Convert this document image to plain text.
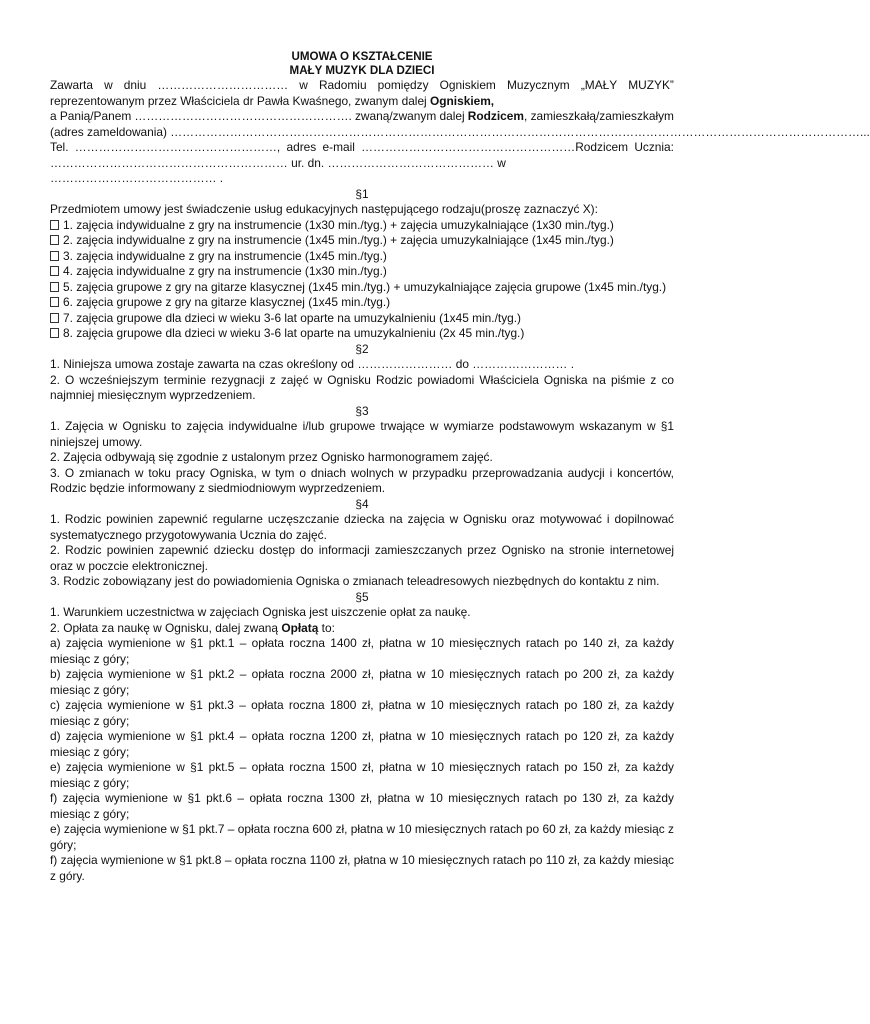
UMOWA O KSZTAŁCENIE
MAŁY MUZYK DLA DZIECI
Zawarta w dniu …………………………… w Radomiu pomiędzy Ogniskiem Muzycznym „MAŁY MUZYK”
reprezentowanym przez Właściciela dr Pawła Kwaśnego, zwanym dalej Ogniskiem,
a Panią/Panem ………………………………………………. zwaną/zwanym dalej Rodzicem, zamieszkałą/zamieszkałym
(adres zameldowania) …………………………………………………………………………………………………………………………………………………………...
Tel. ……………………………………………, adres e-mail ………………………………………………Rodzicem Ucznia:
…………………………………………………… ur. dn. …………………………………… w …………………………………… .
§1
Przedmiotem umowy jest świadczenie usług edukacyjnych następującego rodzaju(proszę zaznaczyć X):
1. zajęcia indywidualne z gry na instrumencie (1x30 min./tyg.) + zajęcia umuzykalniające (1x30 min./tyg.)
2. zajęcia indywidualne z gry na instrumencie (1x45 min./tyg.) + zajęcia umuzykalniające (1x45 min./tyg.)
3. zajęcia indywidualne z gry na instrumencie (1x45 min./tyg.)
4. zajęcia indywidualne z gry na instrumencie (1x30 min./tyg.)
5. zajęcia grupowe z gry na gitarze klasycznej (1x45 min./tyg.) + umuzykalniające zajęcia grupowe (1x45 min./tyg.)
6. zajęcia grupowe z gry na gitarze klasycznej (1x45 min./tyg.)
7. zajęcia grupowe dla dzieci w wieku 3-6 lat oparte na umuzykalnieniu (1x45 min./tyg.)
8. zajęcia grupowe dla dzieci w wieku 3-6 lat oparte na umuzykalnieniu (2x 45 min./tyg.)
§2
1. Niniejsza umowa zostaje zawarta na czas określony od …………………… do …………………… .
2. O wcześniejszym terminie rezygnacji z zajęć w Ognisku Rodzic powiadomi Właściciela Ogniska na piśmie z co najmniej miesięcznym wyprzedzeniem.
§3
1. Zajęcia w Ognisku to zajęcia indywidualne i/lub grupowe trwające w wymiarze podstawowym wskazanym w §1 niniejszej umowy.
2. Zajęcia odbywają się zgodnie z ustalonym przez Ognisko harmonogramem zajęć.
3. O zmianach w toku pracy Ogniska, w tym o dniach wolnych w przypadku przeprowadzania audycji i koncertów, Rodzic będzie informowany z siedmiodniowym wyprzedzeniem.
§4
1. Rodzic powinien zapewnić regularne uczęszczanie dziecka na zajęcia w Ognisku oraz motywować i dopilnować systematycznego przygotowywania Ucznia do zajęć.
2. Rodzic powinien zapewnić dziecku dostęp do informacji zamieszczanych przez Ognisko na stronie internetowej oraz w poczcie elektronicznej.
3. Rodzic zobowiązany jest do powiadomienia Ogniska o zmianach teleadresowych niezbędnych do kontaktu z nim.
§5
1. Warunkiem uczestnictwa w zajęciach Ogniska jest uiszczenie opłat za naukę.
2. Opłata za naukę w Ognisku, dalej zwaną Opłatą to:
a) zajęcia wymienione w §1 pkt.1 – opłata roczna 1400 zł, płatna w 10 miesięcznych ratach po 140 zł, za każdy miesiąc z góry;
b) zajęcia wymienione w §1 pkt.2 – opłata roczna 2000 zł, płatna w 10 miesięcznych ratach po 200 zł, za każdy miesiąc z góry;
c) zajęcia wymienione w §1 pkt.3 – opłata roczna 1800 zł, płatna w 10 miesięcznych ratach po 180 zł, za każdy miesiąc z góry;
d) zajęcia wymienione w §1 pkt.4 – opłata roczna 1200 zł, płatna w 10 miesięcznych ratach po 120 zł, za każdy miesiąc z góry;
e) zajęcia wymienione w §1 pkt.5 – opłata roczna 1500 zł, płatna w 10 miesięcznych ratach po 150 zł, za każdy miesiąc z góry;
f) zajęcia wymienione w §1 pkt.6 – opłata roczna 1300 zł, płatna w 10 miesięcznych ratach po 130 zł, za każdy miesiąc z góry;
e) zajęcia wymienione w §1 pkt.7 – opłata roczna 600 zł, płatna w 10 miesięcznych ratach po 60 zł, za każdy miesiąc z góry;
f) zajęcia wymienione w §1 pkt.8 – opłata roczna 1100 zł, płatna w 10 miesięcznych ratach po 110 zł, za każdy miesiąc z góry.
